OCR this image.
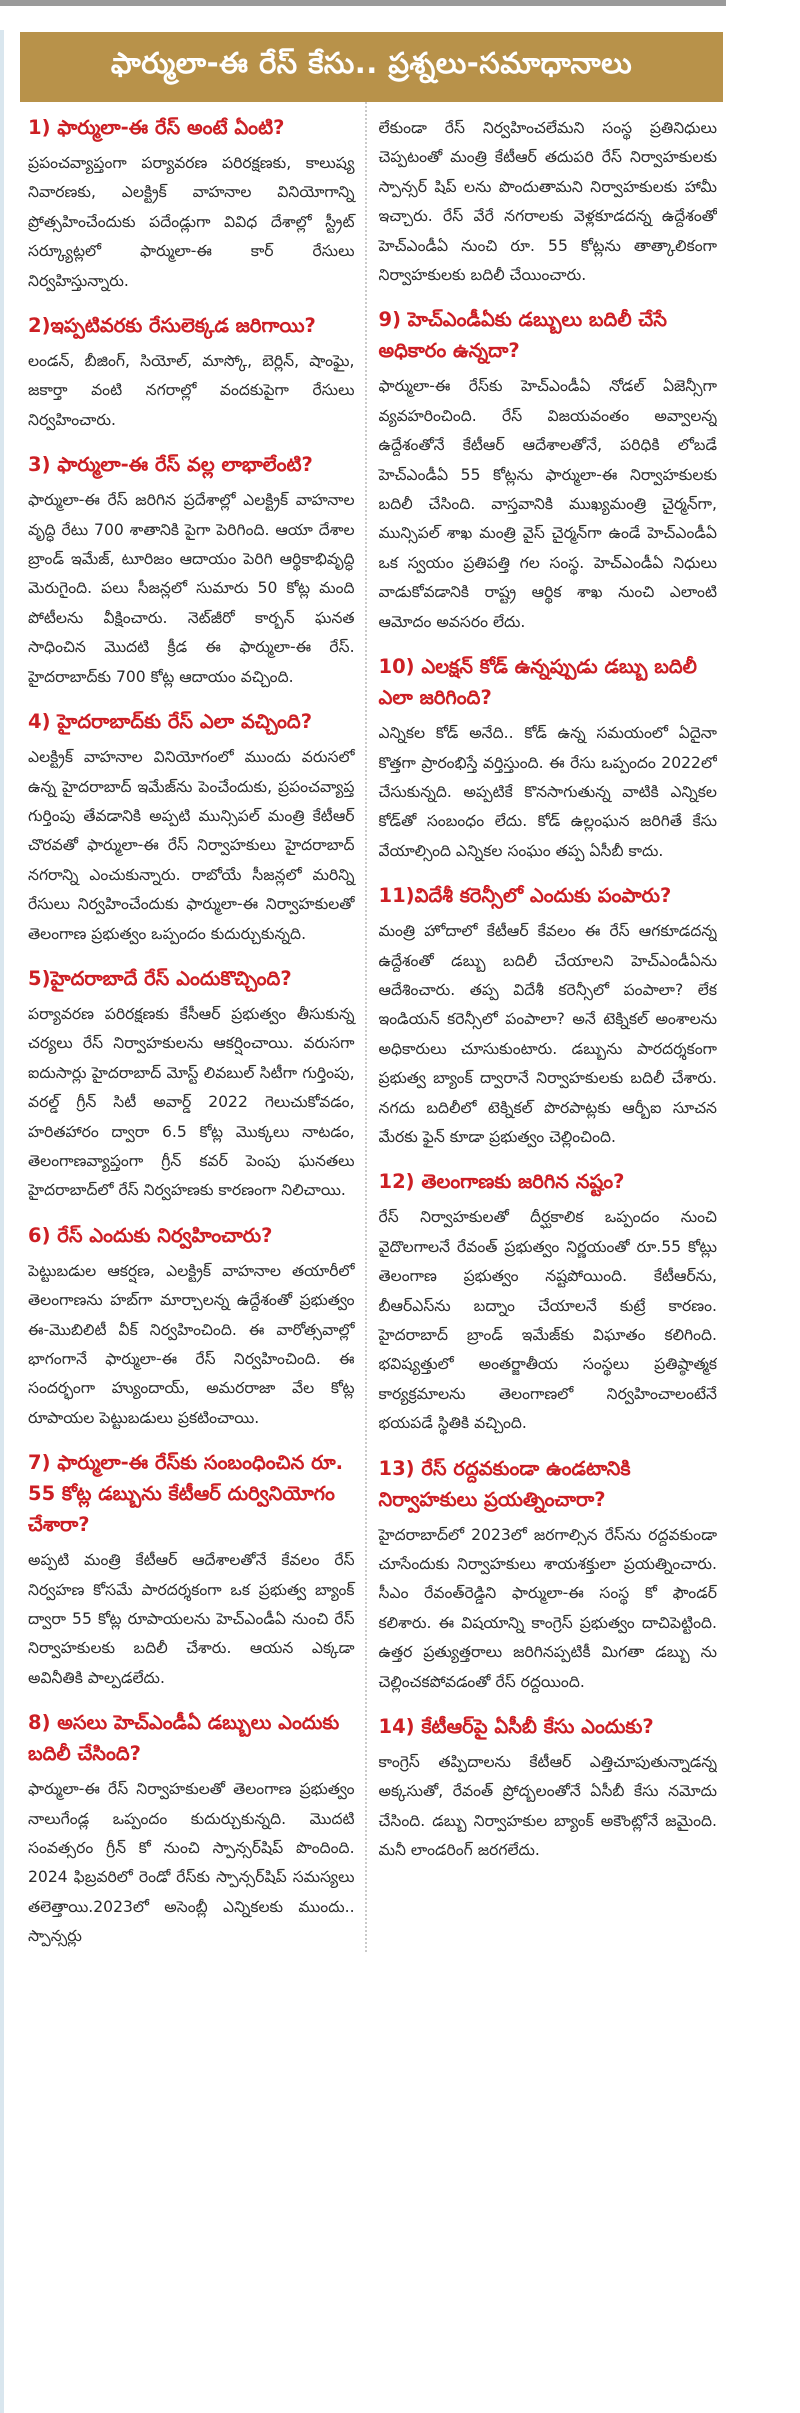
ఫార్ములా-ఈ రేస్ కేసు.. ప్రశ్నలు-సమాధానాలు
1) ఫార్ములా-ఈ రేస్ అంటే ఏంటి?

ప్రపంచవ్యాప్తంగా పర్యావరణ పరిరక్షణకు, కాలుష్య నివారణకు, ఎలక్ట్రిక్ వాహనాల వినియోగాన్ని ప్రోత్సహించేందుకు పదేండ్లుగా వివిధ దేశాల్లో స్ట్రీట్ సర్క్యూట్లలో ఫార్ములా-ఈ కార్ రేసులు నిర్వహిస్తున్నారు.

2)ఇప్పటివరకు రేసులెక్కడ జరిగాయి?

లండన్, బీజింగ్, సియోల్, మాస్కో, బెర్లిన్, షాంఘై, జకార్తా వంటి నగరాల్లో వందకుపైగా రేసులు నిర్వహించారు.

3) ఫార్ములా-ఈ రేస్ వల్ల లాభాలేంటి?

ఫార్ములా-ఈ రేస్ జరిగిన ప్రదేశాల్లో ఎలక్ట్రిక్ వాహనాల వృద్ధి రేటు 700 శాతానికి పైగా పెరిగింది. ఆయా దేశాల బ్రాండ్ ఇమేజ్, టూరిజం ఆదాయం పెరిగి ఆర్థికాభివృద్ధి మెరుగైంది. పలు సీజన్లలో సుమారు 50 కోట్ల మంది పోటీలను వీక్షించారు. నెట్‌జీరో కార్బన్ ఘనత సాధించిన మొదటి క్రీడ ఈ ఫార్ములా-ఈ రేస్. హైదరాబాద్‌కు 700 కోట్ల ఆదాయం వచ్చింది.

4) హైదరాబాద్‌కు రేస్ ఎలా వచ్చింది?

ఎలక్ట్రిక్ వాహనాల వినియోగంలో ముందు వరుసలో ఉన్న హైదరాబాద్ ఇమేజ్‌ను పెంచేందుకు, ప్రపంచవ్యాప్త గుర్తింపు తేవడానికి అప్పటి మున్సిపల్ మంత్రి కేటీఆర్ చొరవతో ఫార్ములా-ఈ రేస్ నిర్వాహకులు హైదరాబాద్ నగరాన్ని ఎంచుకున్నారు. రాబోయే సీజన్లలో మరిన్ని రేసులు నిర్వహించేందుకు ఫార్ములా-ఈ నిర్వాహకులతో తెలంగాణ ప్రభుత్వం ఒప్పందం కుదుర్చుకున్నది.

5)హైదరాబాదే రేస్ ఎందుకొచ్చింది?

పర్యావరణ పరిరక్షణకు కేసీఆర్ ప్రభుత్వం తీసుకున్న చర్యలు రేస్ నిర్వాహకులను ఆకర్షించాయి. వరుసగా ఐదుసార్లు హైదరాబాద్ మోస్ట్ లివబుల్ సిటీగా గుర్తింపు, వరల్డ్ గ్రీన్ సిటీ అవార్డ్ 2022 గెలుచుకోవడం, హరితహారం ద్వారా 6.5 కోట్ల మొక్కలు నాటడం, తెలంగాణవ్యాప్తంగా గ్రీన్ కవర్ పెంపు ఘనతలు హైదరాబాద్‌లో రేస్ నిర్వహణకు కారణంగా నిలిచాయి.

6) రేస్ ఎందుకు నిర్వహించారు?

పెట్టుబడుల ఆకర్షణ, ఎలక్ట్రిక్ వాహనాల తయారీలో తెలంగాణను హబ్‌గా మార్చాలన్న ఉద్దేశంతో ప్రభుత్వం ఈ-మొబిలిటీ వీక్ నిర్వహించింది. ఈ వారోత్సవాల్లో భాగంగానే ఫార్ములా-ఈ రేస్ నిర్వహించింది. ఈ సందర్భంగా హ్యుందాయ్, అమరరాజా వేల కోట్ల రూపాయల పెట్టుబడులు ప్రకటించాయి.

7) ఫార్ములా-ఈ రేస్‌కు సంబంధించిన రూ. 55 కోట్ల డబ్బును కేటీఆర్ దుర్వినియోగం చేశారా?

అప్పటి మంత్రి కేటీఆర్ ఆదేశాలతోనే కేవలం రేస్ నిర్వహణ కోసమే పారదర్శకంగా ఒక ప్రభుత్వ బ్యాంక్ ద్వారా 55 కోట్ల రూపాయలను హెచ్‌ఎండీఏ నుంచి రేస్ నిర్వాహకులకు బదిలీ చేశారు. ఆయన ఎక్కడా అవినీతికి పాల్పడలేదు.

8) అసలు హెచ్‌ఎండీఏ డబ్బులు ఎందుకు బదిలీ చేసింది?

ఫార్ములా-ఈ రేస్ నిర్వాహకులతో తెలంగాణ ప్రభుత్వం నాలుగేండ్ల ఒప్పందం కుదుర్చుకున్నది. మొదటి సంవత్సరం గ్రీన్ కో నుంచి స్పాన్సర్‌షిప్ పొందింది. 2024 ఫిబ్రవరిలో రెండో రేస్‌కు స్పాన్సర్‌షిప్ సమస్యలు తలెత్తాయి.2023లో అసెంబ్లీ ఎన్నికలకు ముందు.. స్పాన్సర్లు

లేకుండా రేస్ నిర్వహించలేమని సంస్థ ప్రతినిధులు చెప్పటంతో మంత్రి కేటీఆర్ తదుపరి రేస్ నిర్వాహకులకు స్పాన్సర్ షిప్ లను పొందుతామని నిర్వాహకులకు హామీ ఇచ్చారు. రేస్ వేరే నగరాలకు వెళ్లకూడదన్న ఉద్దేశంతో హెచ్‌ఎండీఏ నుంచి రూ. 55 కోట్లను తాత్కాలికంగా నిర్వాహకులకు బదిలీ చేయించారు.

9) హెచ్‌ఎండీఏకు డబ్బులు బదిలీ చేసే అధికారం ఉన్నదా?

ఫార్ములా-ఈ రేస్‌కు హెచ్‌ఎండీఏ నోడల్ ఏజెన్సీగా వ్యవహరించింది. రేస్ విజయవంతం అవ్వాలన్న ఉద్దేశంతోనే కేటీఆర్ ఆదేశాలతోనే, పరిధికి లోబడే హెచ్‌ఎండీఏ 55 కోట్లను ఫార్ములా-ఈ నిర్వాహకులకు బదిలీ చేసింది. వాస్తవానికి ముఖ్యమంత్రి చైర్మన్‌గా, మున్సిపల్ శాఖ మంత్రి వైస్ చైర్మన్‌గా ఉండే హెచ్‌ఎండీఏ ఒక స్వయం ప్రతిపత్తి గల సంస్థ. హెచ్‌ఎండీఏ నిధులు వాడుకోవడానికి రాష్ట్ర ఆర్థిక శాఖ నుంచి ఎలాంటి ఆమోదం అవసరం లేదు.

10) ఎలక్షన్ కోడ్ ఉన్నప్పుడు డబ్బు బదిలీ ఎలా జరిగింది?

ఎన్నికల కోడ్ అనేది.. కోడ్ ఉన్న సమయంలో ఏదైనా కొత్తగా ప్రారంభిస్తే వర్తిస్తుంది. ఈ రేసు ఒప్పందం 2022లో చేసుకున్నది. అప్పటికే కొనసాగుతున్న వాటికి ఎన్నికల కోడ్‌తో సంబంధం లేదు. కోడ్ ఉల్లంఘన జరిగితే కేసు వేయాల్సింది ఎన్నికల సంఘం తప్ప ఏసీబీ కాదు.

11)విదేశీ కరెన్సీలో ఎందుకు పంపారు?

మంత్రి హోదాలో కేటీఆర్ కేవలం ఈ రేస్ ఆగకూడదన్న ఉద్దేశంతో డబ్బు బదిలీ చేయాలని హెచ్‌ఎండీఏను ఆదేశించారు. తప్ప విదేశీ కరెన్సీలో పంపాలా? లేక ఇండియన్ కరెన్సీలో పంపాలా? అనే టెక్నికల్ అంశాలను అధికారులు చూసుకుంటారు. డబ్బును పారదర్శకంగా ప్రభుత్వ బ్యాంక్ ద్వారానే నిర్వాహకులకు బదిలీ చేశారు. నగదు బదిలీలో టెక్నికల్ పొరపాట్లకు ఆర్బీఐ సూచన మేరకు ఫైన్ కూడా ప్రభుత్వం చెల్లించింది.

12) తెలంగాణకు జరిగిన నష్టం?

రేస్ నిర్వాహకులతో దీర్ఘకాలిక ఒప్పందం నుంచి వైదొలగాలనే రేవంత్ ప్రభుత్వం నిర్ణయంతో రూ.55 కోట్లు తెలంగాణ ప్రభుత్వం నష్టపోయింది. కేటీఆర్‌ను, బీఆర్‌ఎస్‌ను బద్నాం చేయాలనే కుట్రే కారణం. హైదరాబాద్ బ్రాండ్ ఇమేజ్‌కు విఘాతం కలిగింది. భవిష్యత్తులో అంతర్జాతీయ సంస్థలు ప్రతిష్ఠాత్మక కార్యక్రమాలను తెలంగాణలో నిర్వహించాలంటేనే భయపడే స్థితికి వచ్చింది.

13) రేస్ రద్దవకుండా ఉండటానికి నిర్వాహకులు ప్రయత్నించారా?

హైదరాబాద్‌లో 2023లో జరగాల్సిన రేస్‌ను రద్దవకుండా చూసేందుకు నిర్వాహకులు శాయశక్తులా ప్రయత్నించారు. సీఎం రేవంత్‌రెడ్డిని ఫార్ములా-ఈ సంస్థ కో ఫౌండర్ కలిశారు. ఈ విషయాన్ని కాంగ్రెస్ ప్రభుత్వం దాచిపెట్టింది. ఉత్తర ప్రత్యుత్తరాలు జరిగినప్పటికీ మిగతా డబ్బు ను చెల్లించకపోవడంతో రేస్ రద్దయింది.

14) కేటీఆర్‌పై ఏసీబీ కేసు ఎందుకు?

కాంగ్రెస్ తప్పిదాలను కేటీఆర్ ఎత్తిచూపుతున్నాడన్న అక్కసుతో, రేవంత్ ప్రోద్బలంతోనే ఏసీబీ కేసు నమోదు చేసింది. డబ్బు నిర్వాహకుల బ్యాంక్ అకౌంట్లోనే జమైంది. మనీ లాండరింగ్ జరగలేదు.
